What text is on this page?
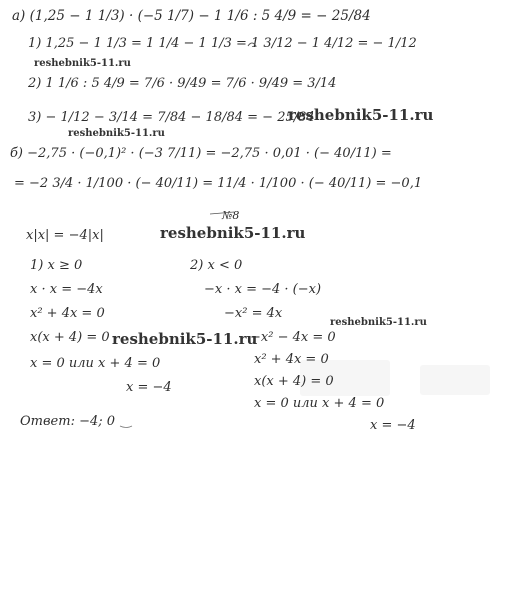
a) (1,25 − 1 1/3) · (−5 1/7) − 1 1/6 : 5 4/9 = − 25/84
1) 1,25 − 1 1/3 = 1 1/4 − 1 1/3 = 1 3/12 − 1 4/12 = − 1/12
2) 1 1/6 : 5 4/9 = 7/6 · 9/49 = 7/6 · 9/49 = 3/14
3) − 1/12 − 3/14 = 7/84 − 18/84 = − 25/84
б) −2,75 · (−0,1)² · (−3 7/11) = −2,75 · 0,01 · (− 40/11) =
= −2 3/4 · 1/100 · (− 40/11) = 11/4 · 1/100 · (− 40/11) = −0,1
№8
x|x| = −4|x|
1) x ≥ 0
x · x = −4x
x² + 4x = 0
x(x + 4) = 0
x = 0 или x + 4 = 0
x = −4
2) x < 0
−x · x = −4 · (−x)
−x² = 4x
−x² − 4x = 0
x² + 4x = 0
x(x + 4) = 0
x = 0 или x + 4 = 0
x = −4
Ответ: −4; 0
reshebnik5-11.ru
reshebnik5-11.ru
reshebnik5-11.ru
reshebnik5-11.ru
reshebnik5-11.ru
reshebnik5-11.ru
